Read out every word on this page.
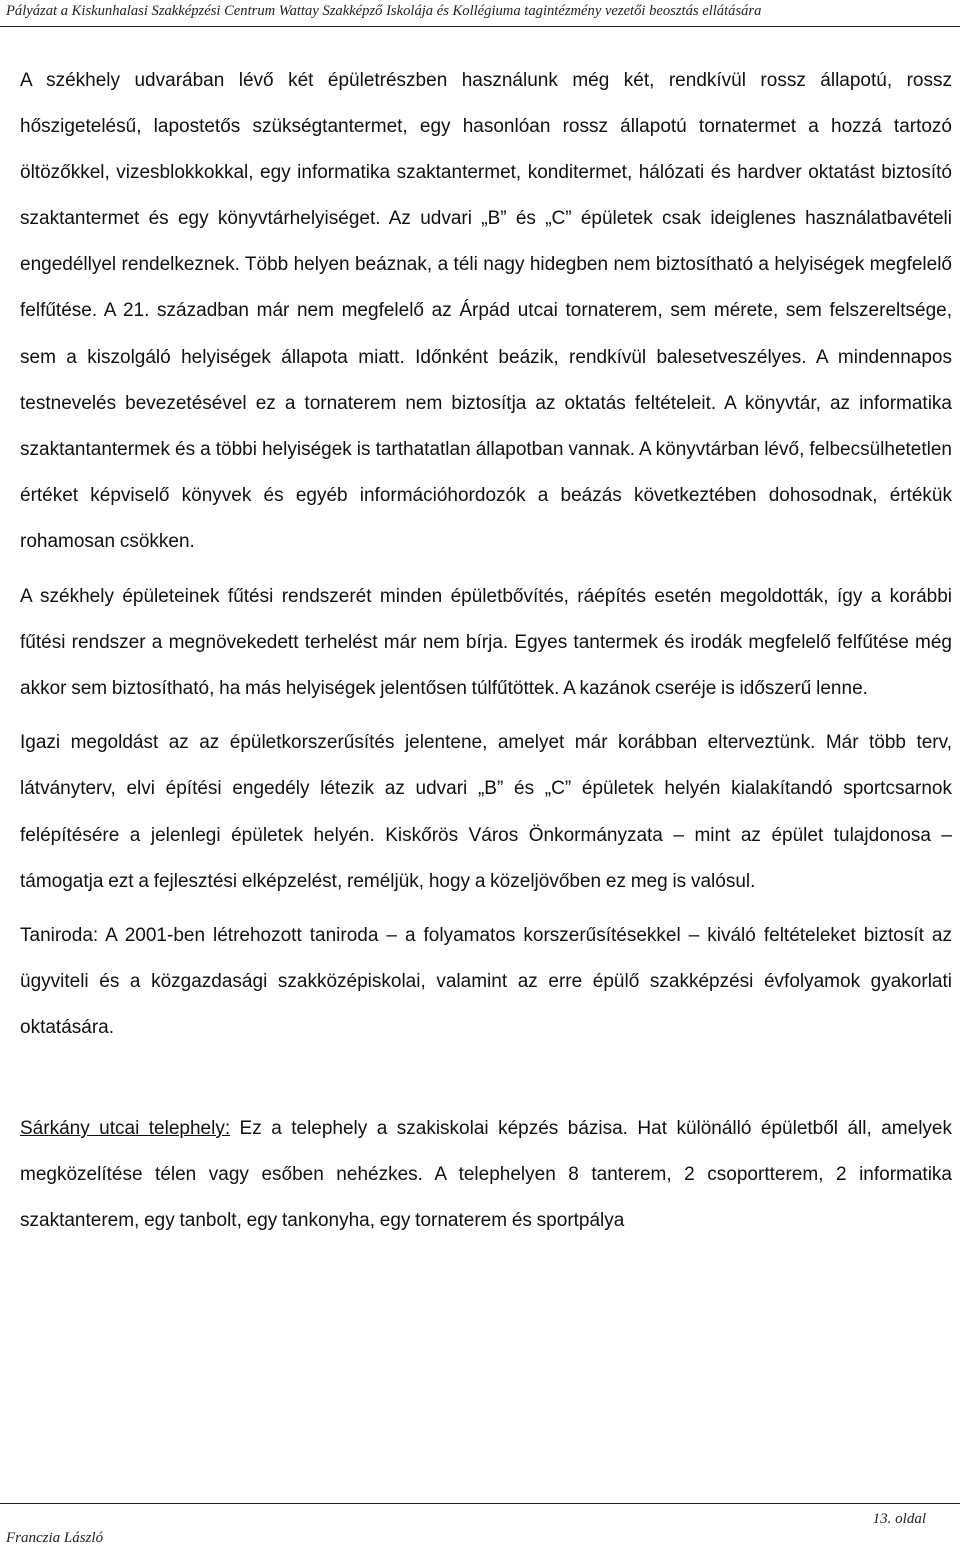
Pályázat a Kiskunhalasi Szakképzési Centrum Wattay Szakképző Iskolája és Kollégiuma tagintézmény vezetői beosztás ellátására

A székhely udvarában lévő két épületrészben használunk még két, rendkívül rossz állapotú, rossz hőszigetelésű, lapostetős szükségtantermet, egy hasonlóan rossz állapotú tornatermet a hozzá tartozó öltözőkkel, vizesblokkokkal, egy informatika szaktantermet, konditermet, hálózati és hardver oktatást biztosító szaktantermet és egy könyvtárhelyiséget. Az udvari „B” és „C” épületek csak ideiglenes használatbavételi engedéllyel rendelkeznek. Több helyen beáznak, a téli nagy hidegben nem biztosítható a helyiségek megfelelő felfűtése. A 21. században már nem megfelelő az Árpád utcai tornaterem, sem mérete, sem felszereltsége, sem a kiszolgáló helyiségek állapota miatt. Időnként beázik, rendkívül balesetveszélyes. A mindennapos testnevelés bevezetésével ez a tornaterem nem biztosítja az oktatás feltételeit. A könyvtár, az informatika szaktantantermek és a többi helyiségek is tarthatatlan állapotban vannak. A könyvtárban lévő, felbecsülhetetlen értéket képviselő könyvek és egyéb információhordozók a beázás következtében dohosodnak, értékük rohamosan csökken.

A székhely épületeinek fűtési rendszerét minden épületbővítés, ráépítés esetén megoldották, így a korábbi fűtési rendszer a megnövekedett terhelést már nem bírja. Egyes tantermek és irodák megfelelő felfűtése még akkor sem biztosítható, ha más helyiségek jelentősen túlfűtöttek. A kazánok cseréje is időszerű lenne.

Igazi megoldást az az épületkorszerűsítés jelentene, amelyet már korábban elterveztünk. Már több terv, látványterv, elvi építési engedély létezik az udvari „B” és „C” épületek helyén kialakítandó sportcsarnok felépítésére a jelenlegi épületek helyén. Kiskőrös Város Önkormányzata – mint az épület tulajdonosa – támogatja ezt a fejlesztési elképzelést, reméljük, hogy a közeljövőben ez meg is valósul.

Taniroda: A 2001-ben létrehozott taniroda – a folyamatos korszerűsítésekkel – kiváló feltételeket biztosít az ügyviteli és a közgazdasági szakközépiskolai, valamint az erre épülő szakképzési évfolyamok gyakorlati oktatására.

Sárkány utcai telephely: Ez a telephely a szakiskolai képzés bázisa. Hat különálló épületből áll, amelyek megközelítése télen vagy esőben nehézkes. A telephelyen 8 tanterem, 2 csoportterem, 2 informatika szaktanterem, egy tanbolt, egy tankonyha, egy tornaterem és sportpálya

13. oldal
Franczia László
